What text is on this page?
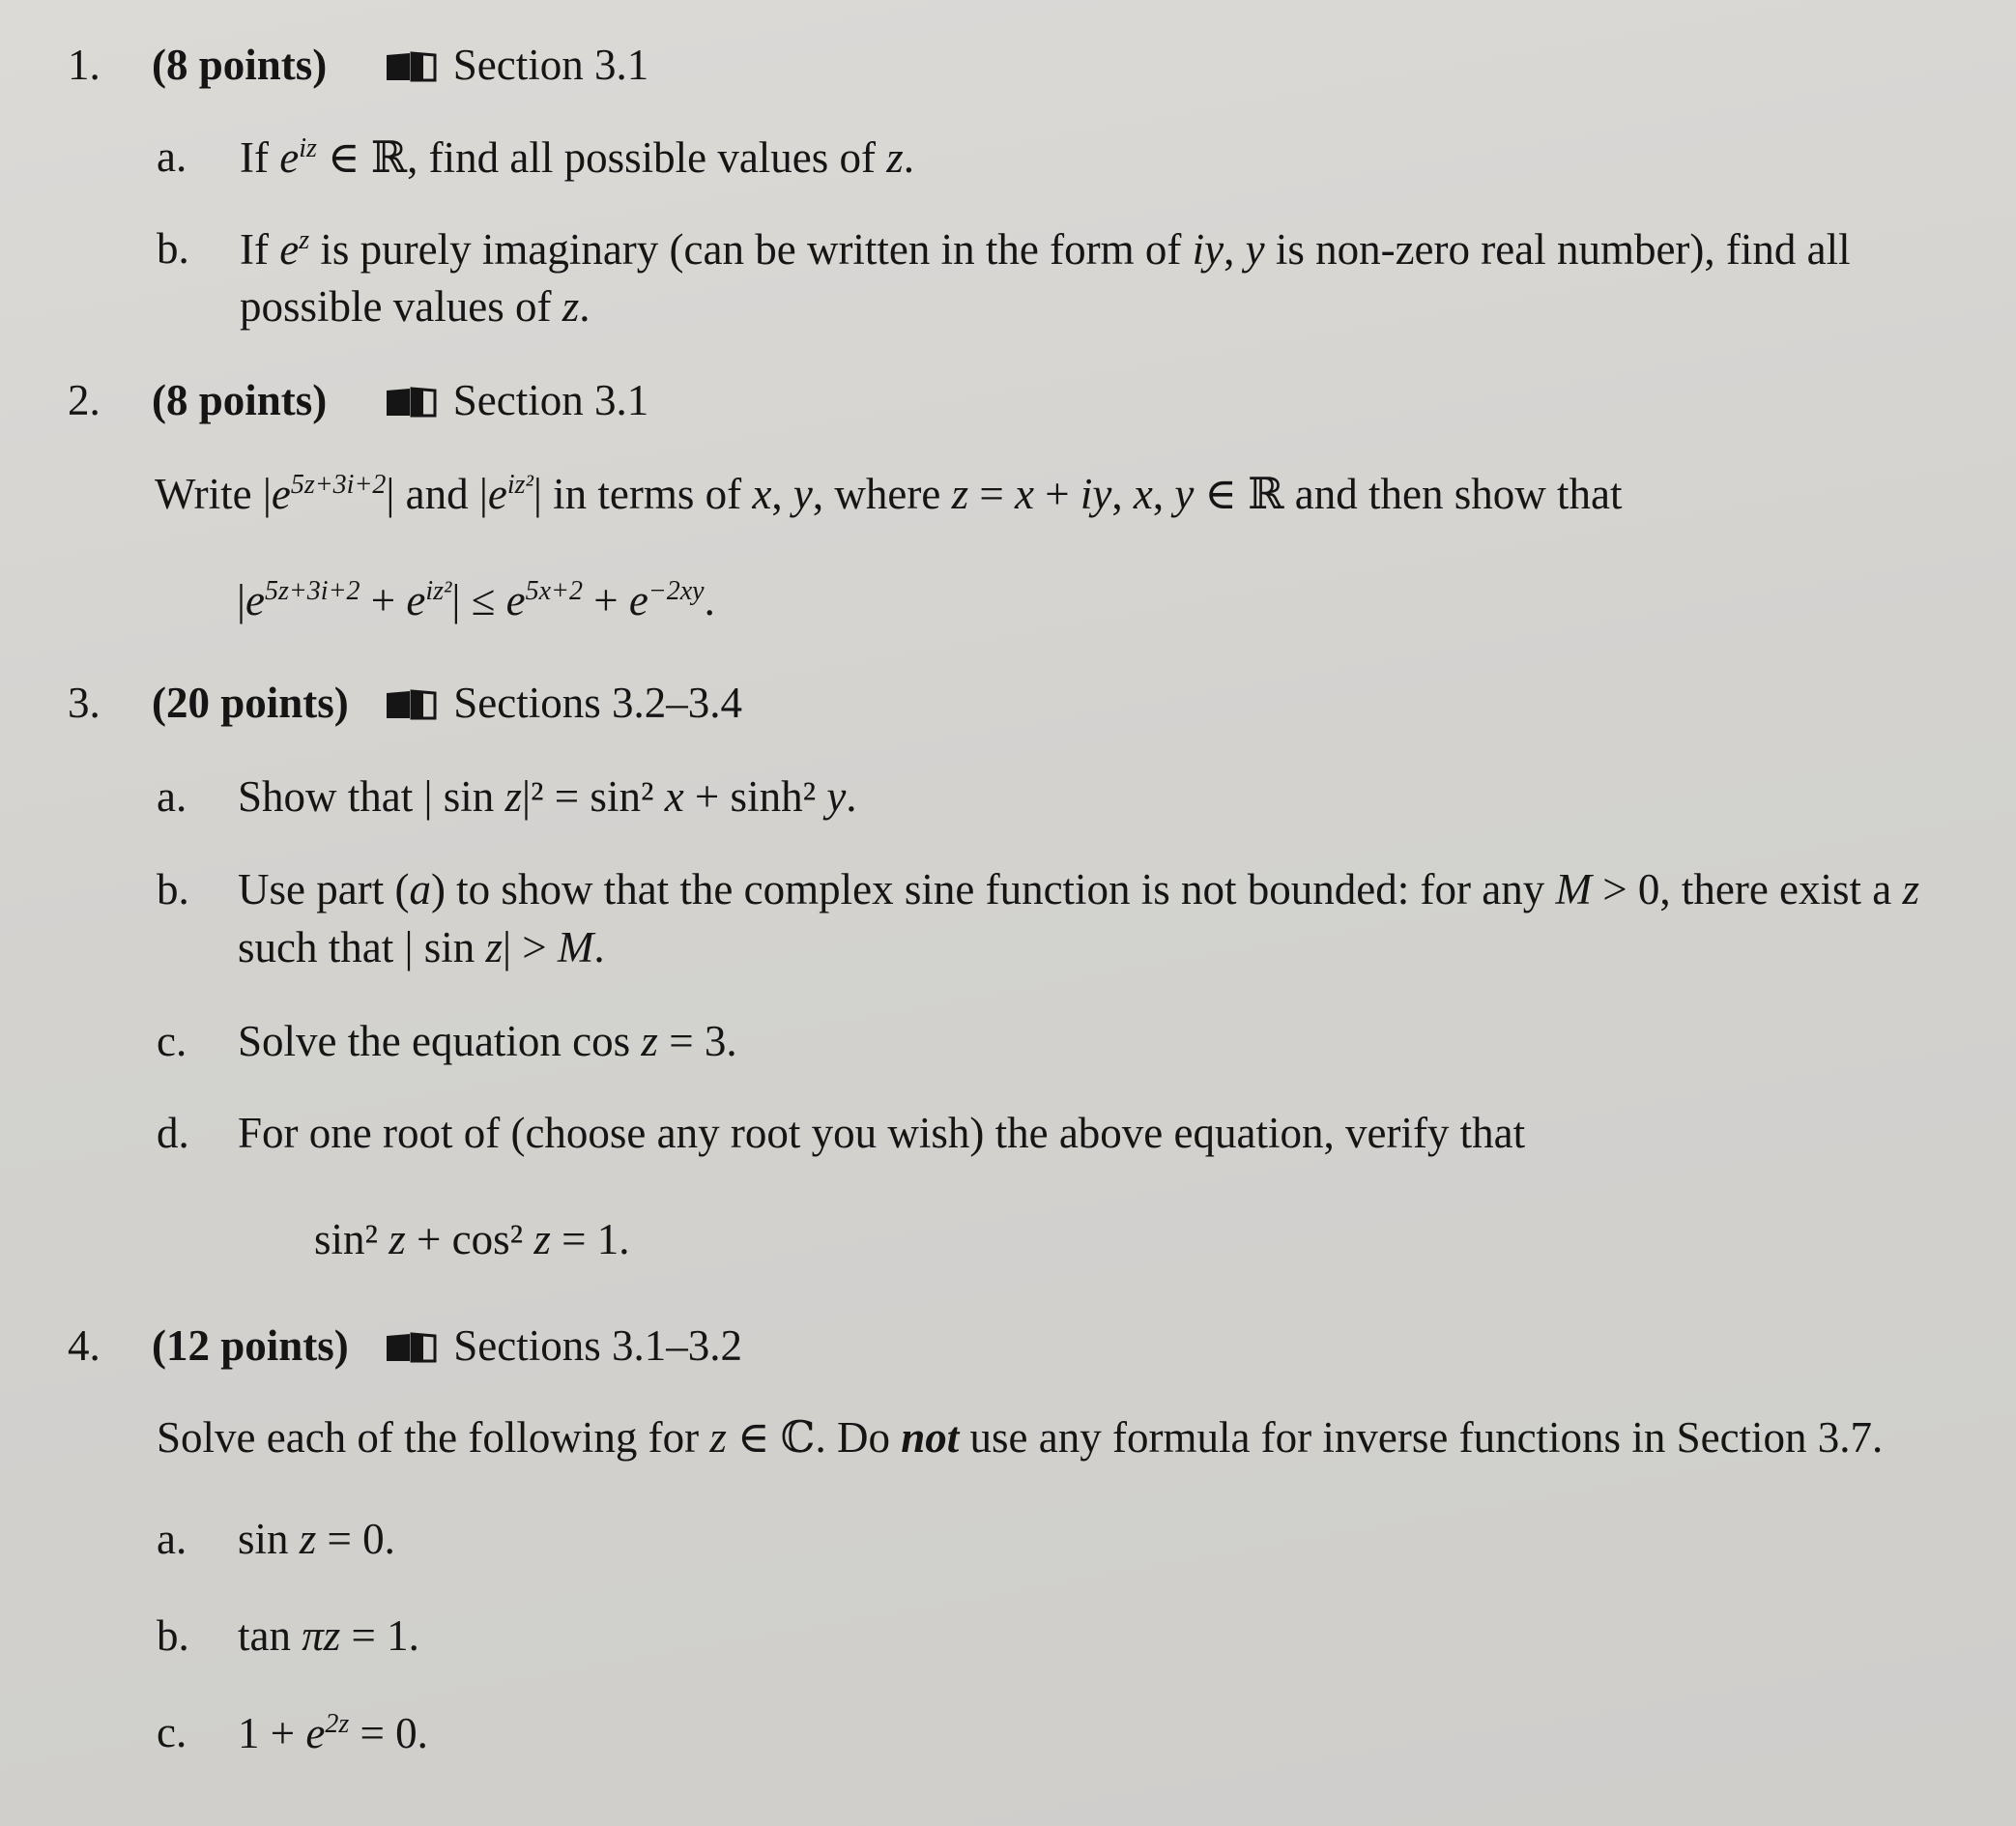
1. (8 points)	Section 3.1
a. If $e^{iz}$ ∈ ℝ, find all possible values of z.
b. If $e^z$ is purely imaginary (can be written in the form of iy, y is non-zero real number), find all
possible values of z.
2. (8 points)	Section 3.1
Write $|e^{5z+3i+2}|$ and $|e^{iz^2}|$ in terms of x, y, where z = x + iy, x, y ∈ ℝ and then show that
$|e^{5z+3i+2} + e^{iz^2}| \le e^{5x+2} + e^{-2xy}$.
3. (20 points) Sections 3.2–3.4
a. Show that | sin z|² = sin² x + sinh² y.
b. Use part (a) to show that the complex sine function is not bounded: for any M > 0, there exist a z
such that | sin z| > M.
c. Solve the equation cos z = 3.
d. For one root of (choose any root you wish) the above equation, verify that
sin² z + cos² z = 1.
4. (12 points) Sections 3.1–3.2
Solve each of the following for z ∈ ℂ. Do not use any formula for inverse functions in Section 3.7.
a. sin z = 0.
b. tan πz = 1.
c. $1 + e^{2z} = 0$.
